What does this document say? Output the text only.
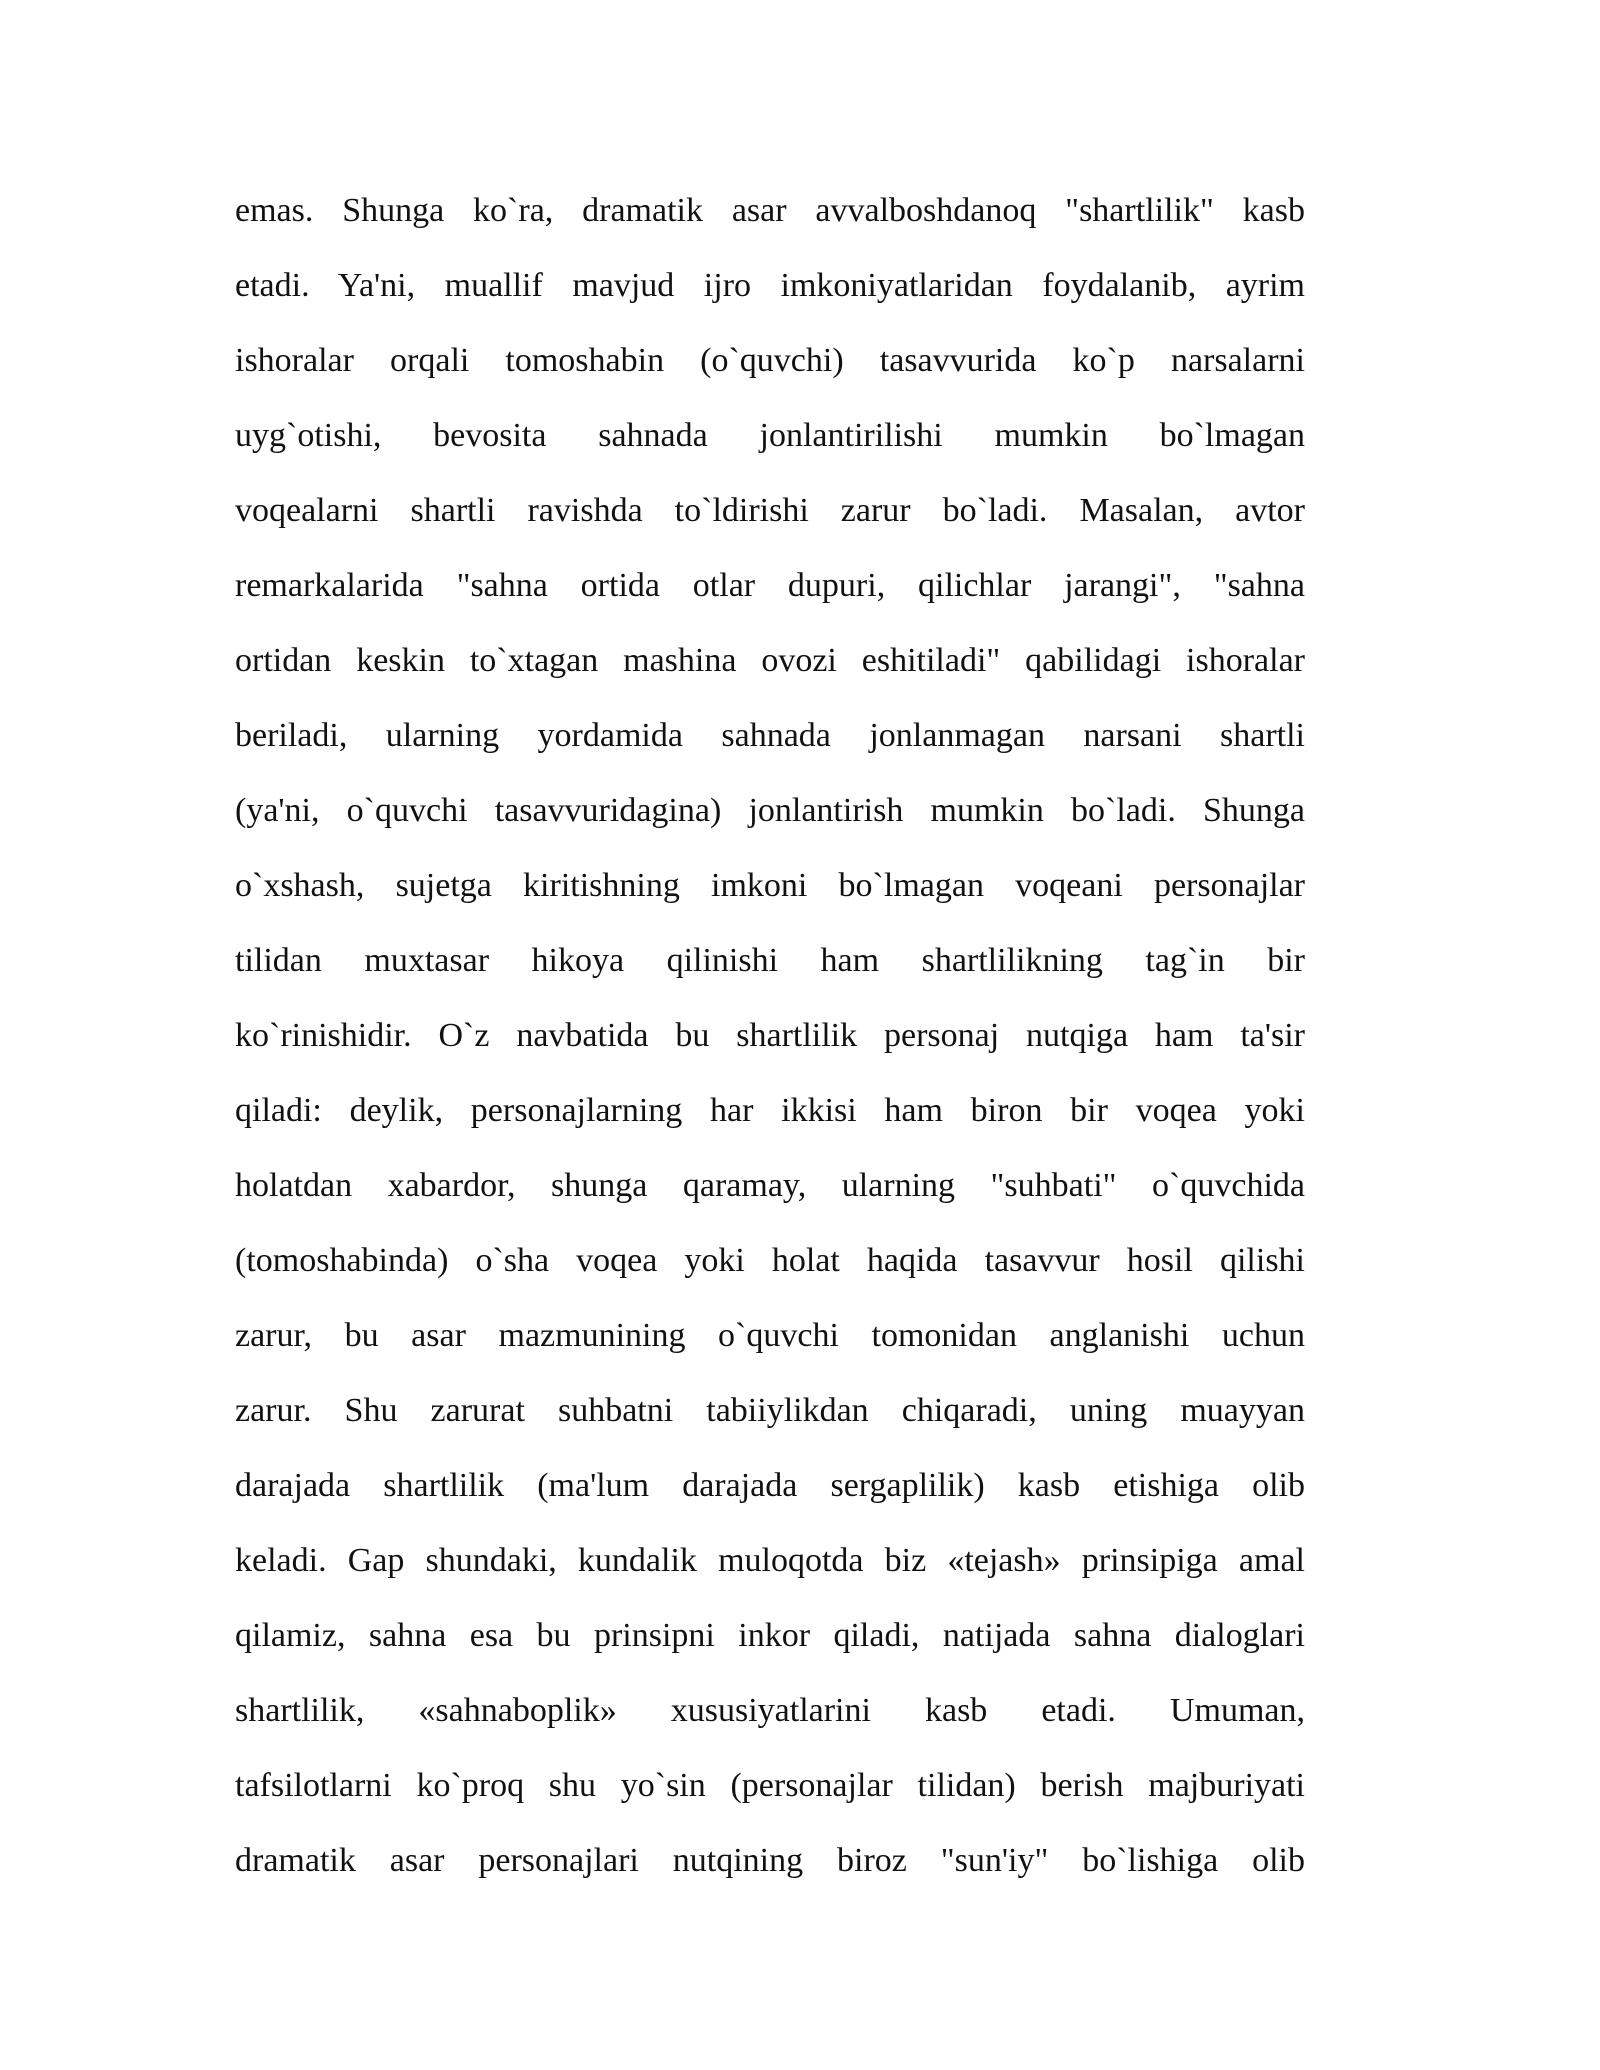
emas. Shunga ko`ra, dramatik asar avvalboshdanoq "shartlilik" kasb
etadi. Ya'ni, muallif mavjud ijro imkoniyatlaridan foydalanib, ayrim
ishoralar orqali tomoshabin (o`quvchi) tasavvurida ko`p narsalarni
uyg`otishi, bevosita sahnada jonlantirilishi mumkin bo`lmagan
voqealarni shartli ravishda to`ldirishi zarur bo`ladi. Masalan, avtor
remarkalarida "sahna ortida otlar dupuri, qilichlar jarangi", "sahna
ortidan keskin to`xtagan mashina ovozi eshitiladi" qabilidagi ishoralar
beriladi, ularning yordamida sahnada jonlanmagan narsani shartli
(ya'ni, o`quvchi tasavvuridagina) jonlantirish mumkin bo`ladi. Shunga
o`xshash, sujetga kiritishning imkoni bo`lmagan voqeani personajlar
tilidan muxtasar hikoya qilinishi ham shartlilikning tag`in bir
ko`rinishidir. O`z navbatida bu shartlilik personaj nutqiga ham ta'sir
qiladi: deylik, personajlarning har ikkisi ham biron bir voqea yoki
holatdan xabardor, shunga qaramay, ularning "suhbati" o`quvchida
(tomoshabinda) o`sha voqea yoki holat haqida tasavvur hosil qilishi
zarur, bu asar mazmunining o`quvchi tomonidan anglanishi uchun
zarur. Shu zarurat suhbatni tabiiylikdan chiqaradi, uning muayyan
darajada shartlilik (ma'lum darajada sergaplilik) kasb etishiga olib
keladi. Gap shundaki, kundalik muloqotda biz «tejash» prinsipiga amal
qilamiz, sahna esa bu prinsipni inkor qiladi, natijada sahna dialoglari
shartlilik, «sahnaboplik» xususiyatlarini kasb etadi. Umuman,
tafsilotlarni ko`proq shu yo`sin (personajlar tilidan) berish majburiyati
dramatik asar personajlari nutqining biroz "sun'iy" bo`lishiga olib
